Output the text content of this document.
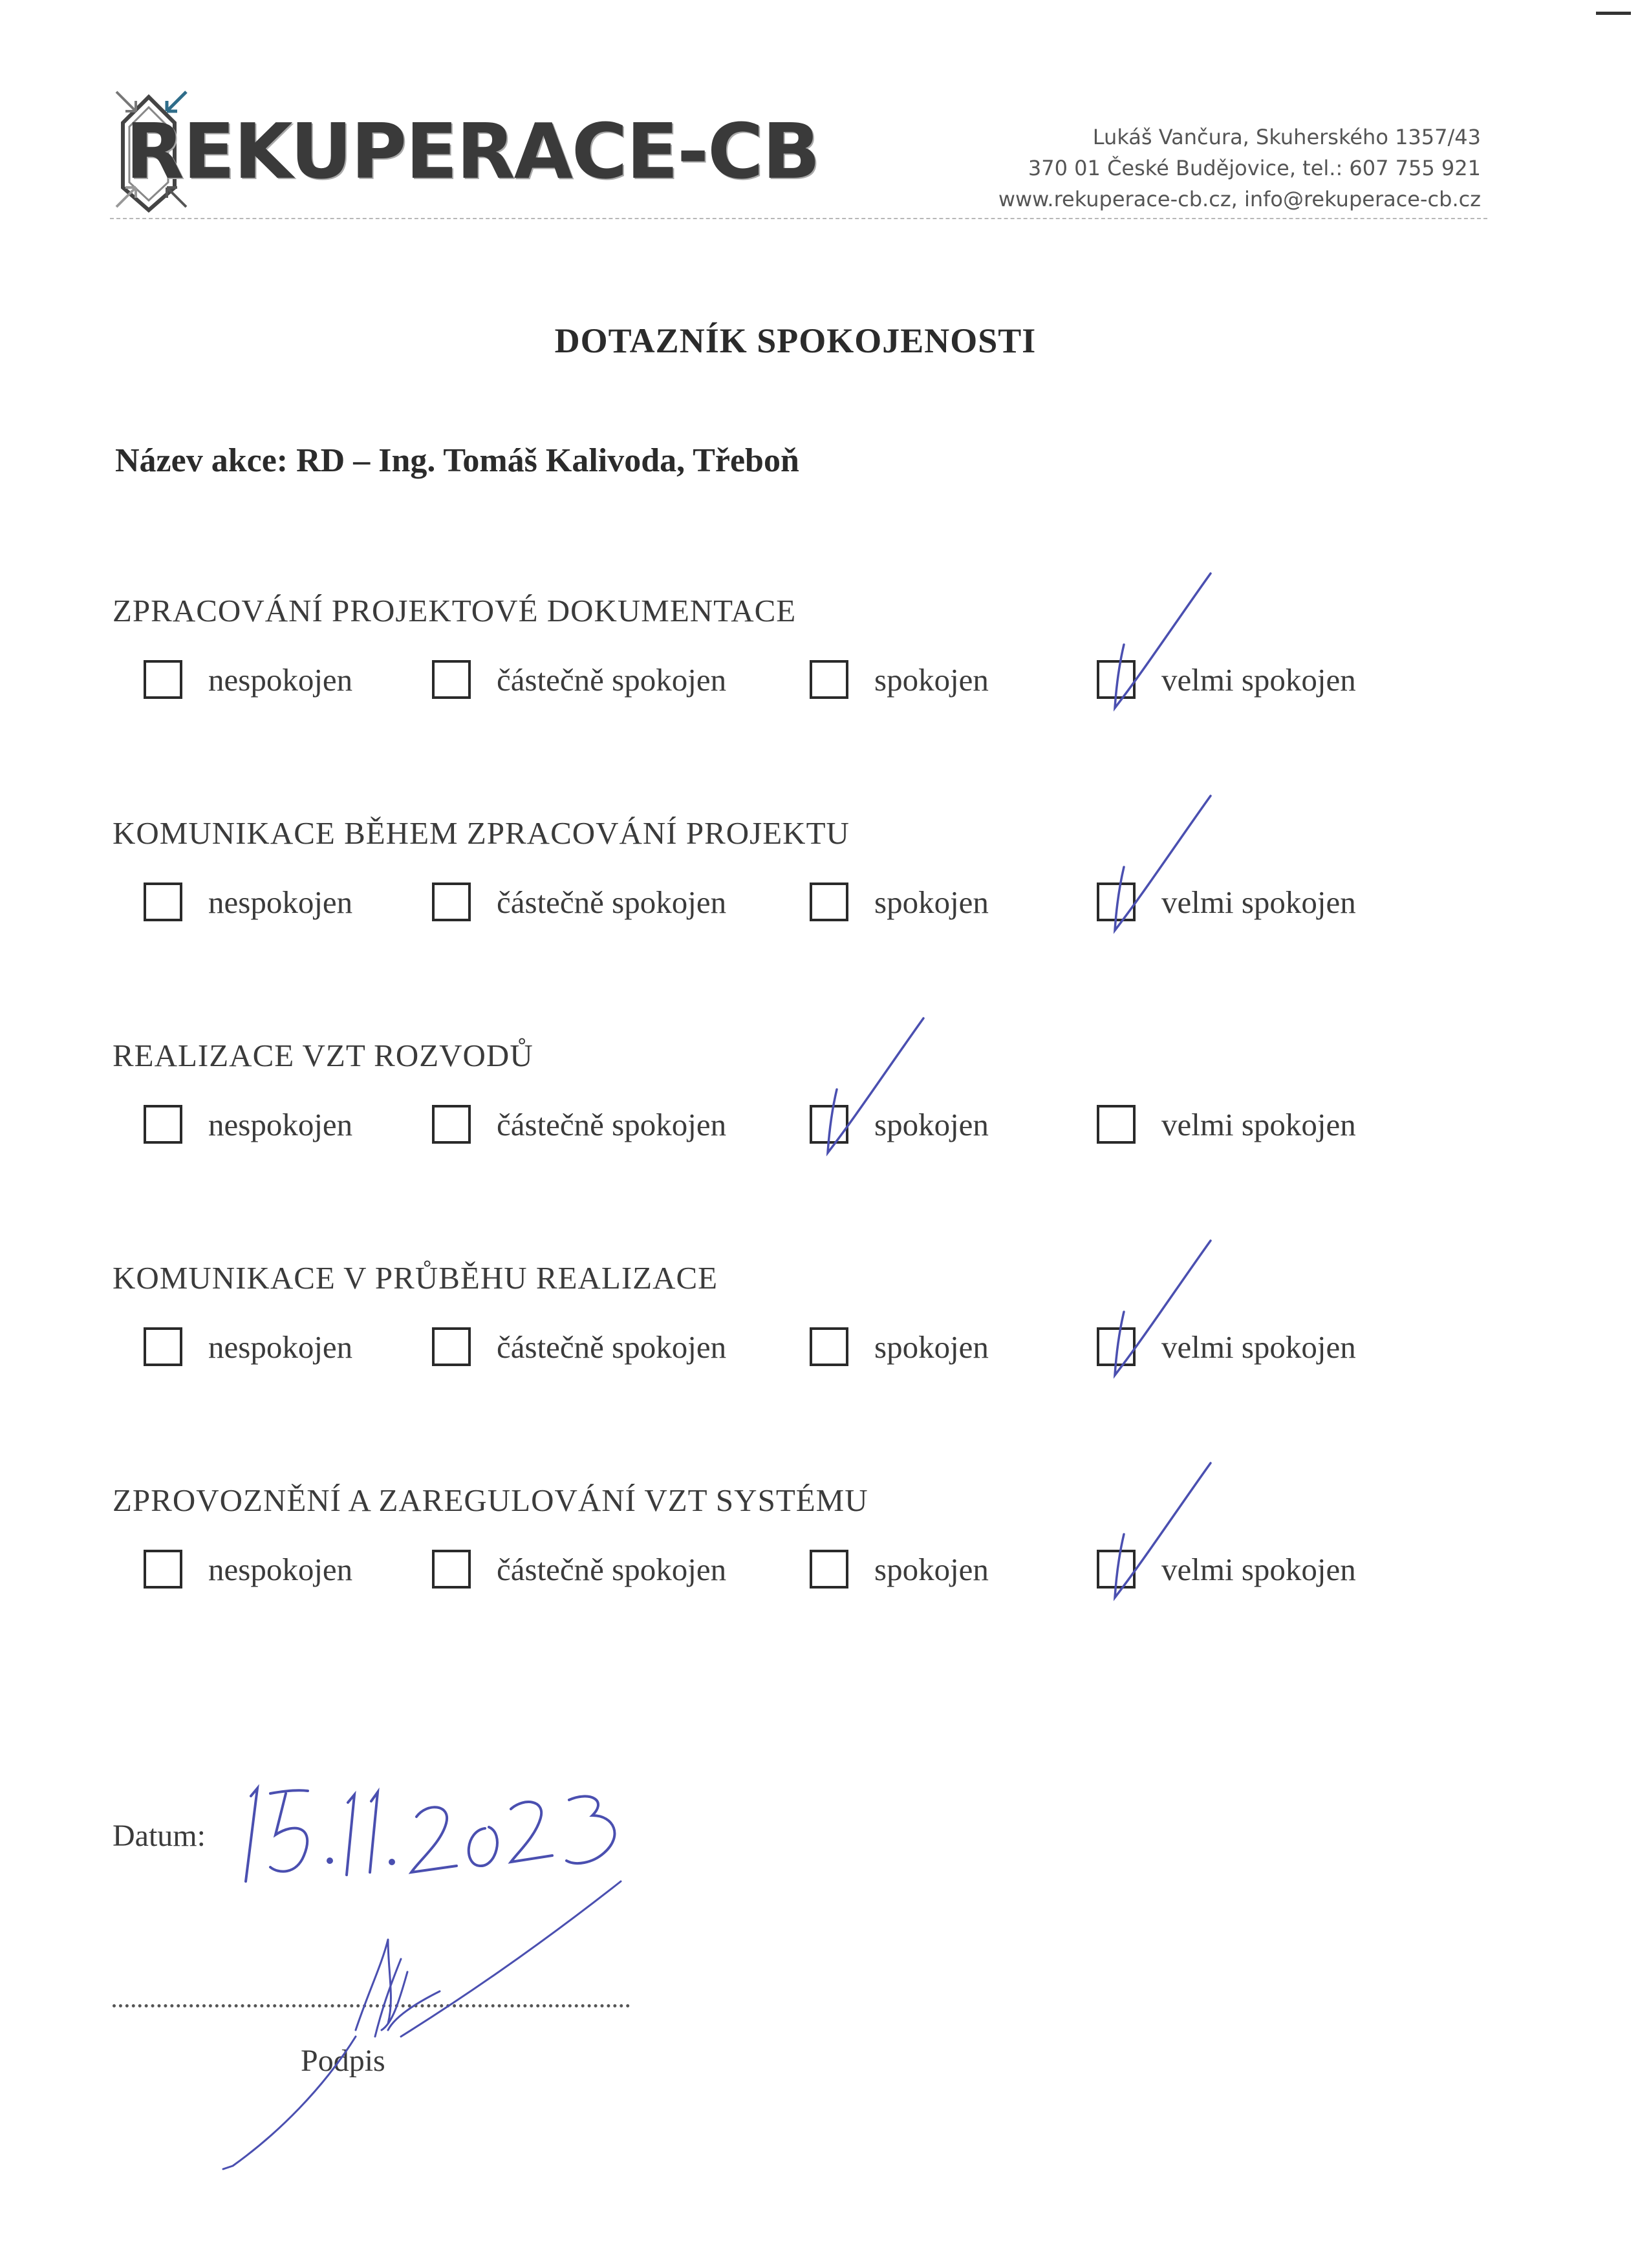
REKUPERACE-CB	Lukáš Vančura, Skuherského 1357/43
370 01 České Budějovice, tel.: 607 755 921
www.rekuperace-cb.cz, info@rekuperace-cb.cz
DOTAZNÍK SPOKOJENOSTI
Název akce: RD – Ing. Tomáš Kalivoda, Třeboň
ZPRACOVÁNÍ PROJEKTOVÉ DOKUMENTACE
nespokojen	částečně spokojen	spokojen	velmi spokojen
KOMUNIKACE BĚHEM ZPRACOVÁNÍ PROJEKTU
nespokojen	částečně spokojen	spokojen	velmi spokojen
REALIZACE VZT ROZVODŮ
nespokojen	částečně spokojen	spokojen	velmi spokojen
KOMUNIKACE V PRŮBĚHU REALIZACE
nespokojen	částečně spokojen	spokojen	velmi spokojen
ZPROVOZNĚNÍ A ZAREGULOVÁNÍ VZT SYSTÉMU
nespokojen	částečně spokojen	spokojen	velmi spokojen
Datum:
Podpis
